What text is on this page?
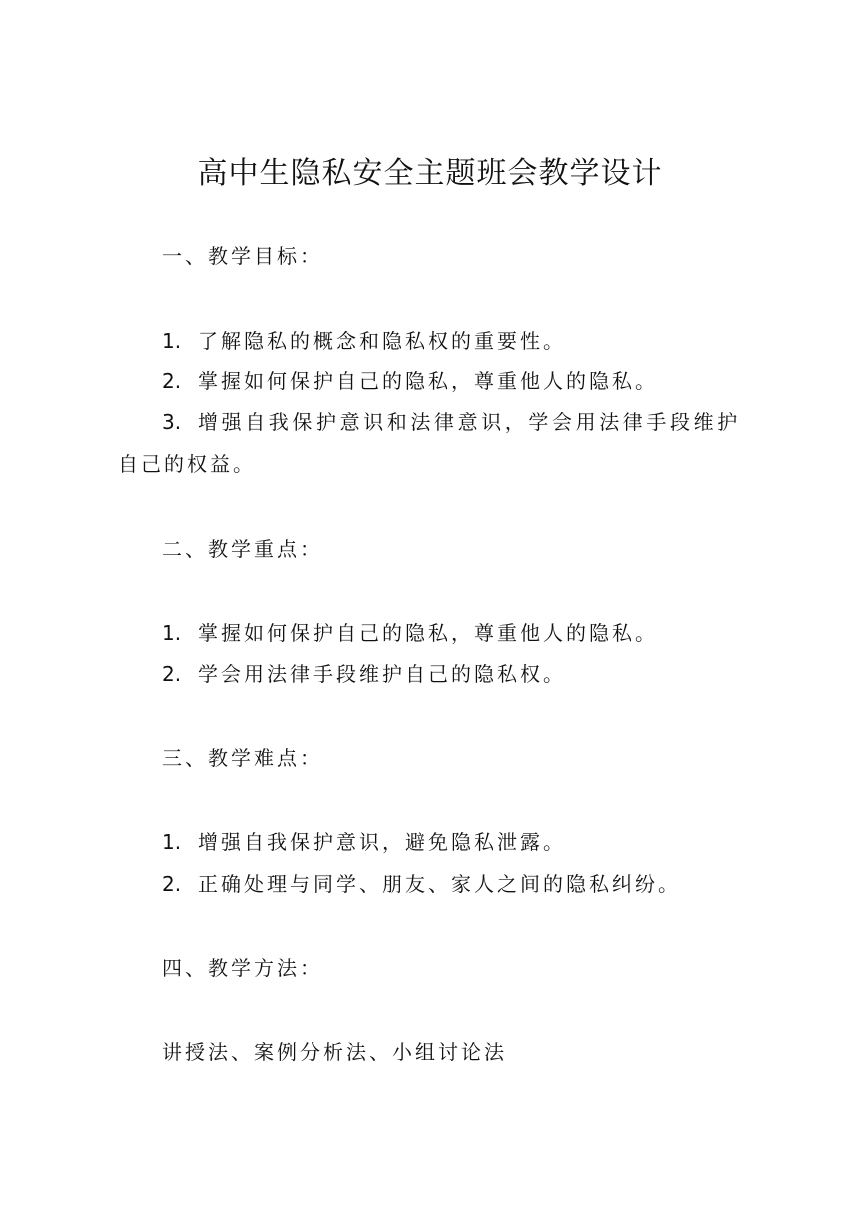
高中生隐私安全主题班会教学设计
一、教学目标：
1. 了解隐私的概念和隐私权的重要性。
2. 掌握如何保护自己的隐私，尊重他人的隐私。
3. 增强自我保护意识和法律意识，学会用法律手段维护
自己的权益。
二、教学重点：
1. 掌握如何保护自己的隐私，尊重他人的隐私。
2. 学会用法律手段维护自己的隐私权。
三、教学难点：
1. 增强自我保护意识，避免隐私泄露。
2. 正确处理与同学、朋友、家人之间的隐私纠纷。
四、教学方法：
讲授法、案例分析法、小组讨论法
